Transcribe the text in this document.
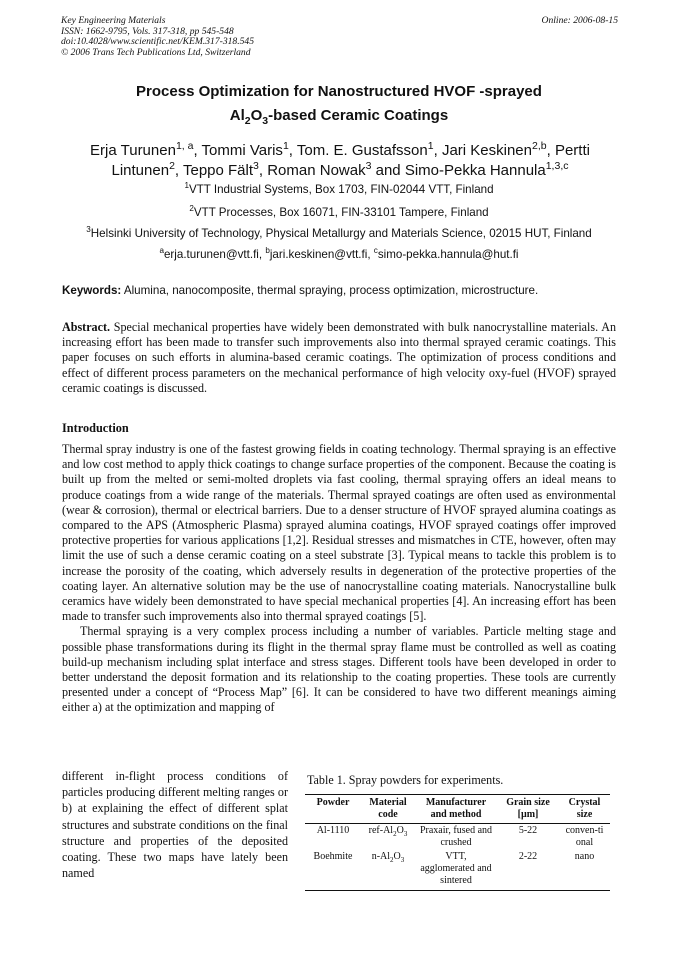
Key Engineering Materials
ISSN: 1662-9795, Vols. 317-318, pp 545-548
doi:10.4028/www.scientific.net/KEM.317-318.545
© 2006 Trans Tech Publications Ltd, Switzerland
Online: 2006-08-15
Process Optimization for Nanostructured HVOF -sprayed
$Al_2O_3$-based Ceramic Coatings
Erja Turunen$^{1, a}$, Tommi Varis$^1$, Tom. E. Gustafsson$^1$, Jari Keskinen$^{2,b}$, Pertti Lintunen$^2$, Teppo Fält$^3$, Roman Nowak$^3$ and Simo-Pekka Hannula$^{1,3,c}$
$^1$VTT Industrial Systems, Box 1703, FIN-02044 VTT, Finland
$^2$VTT Processes, Box 16071, FIN-33101 Tampere, Finland
$^3$Helsinki University of Technology, Physical Metallurgy and Materials Science, 02015 HUT, Finland
$^a$erja.turunen@vtt.fi, $^b$jari.keskinen@vtt.fi, $^c$simo-pekka.hannula@hut.fi
Keywords: Alumina, nanocomposite, thermal spraying, process optimization, microstructure.

Abstract. Special mechanical properties have widely been demonstrated with bulk nanocrystalline materials. An increasing effort has been made to transfer such improvements also into thermal sprayed ceramic coatings. This paper focuses on such efforts in alumina-based ceramic coatings. The optimization of process conditions and effect of different process parameters on the mechanical performance of high velocity oxy-fuel (HVOF) sprayed ceramic coatings is discussed.

Introduction

Thermal spray industry is one of the fastest growing fields in coating technology. Thermal spraying is an effective and low cost method to apply thick coatings to change surface properties of the component. Because the coating is built up from the melted or semi-molted droplets via fast cooling, thermal spraying offers an ideal means to produce coatings from a wide range of the materials. Thermal sprayed coatings are often used as environmental (wear & corrosion), thermal or electrical barriers. Due to a denser structure of HVOF sprayed alumina coatings as compared to the APS (Atmospheric Plasma) sprayed alumina coatings, HVOF sprayed coatings offer improved protective properties for various applications [1,2]. Residual stresses and mismatches in CTE, however, often may limit the use of such a dense ceramic coating on a steel substrate [3]. Typical means to tackle this problem is to increase the porosity of the coating, which adversely results in degeneration of the protective properties of the coating layer. An alternative solution may be the use of nanocrystalline coating materials. Nanocrystalline bulk ceramics have widely been demonstrated to have special mechanical properties [4]. An increasing effort has been made to transfer such improvements also into thermal sprayed coatings [5].

Thermal spraying is a very complex process including a number of variables. Particle melting stage and possible phase transformations during its flight in the thermal spray flame must be controlled as well as coating build-up mechanism including splat interface and stress stages. Different tools have been developed in order to better understand the deposit formation and its relationship to the coating properties. These tools are currently presented under a concept of “Process Map” [6]. It can be considered to have two different meanings aiming either a) at the optimization and mapping of

different in-flight process conditions of particles producing different melting ranges or b) at explaining the effect of different splat structures and substrate conditions on the final structure and properties of the deposited coating. These two maps have lately been named
Table 1. Spray powders for experiments.
Powder	Material code	Manufacturer and method	Grain size [µm]	Crystal size
Al-1110	ref-$Al_2O_3$	Praxair, fused and crushed	5-22	conven-ti onal
Boehmite	$n-Al_2O_3$	VTT, agglomerated and sintered	2-22	nano
